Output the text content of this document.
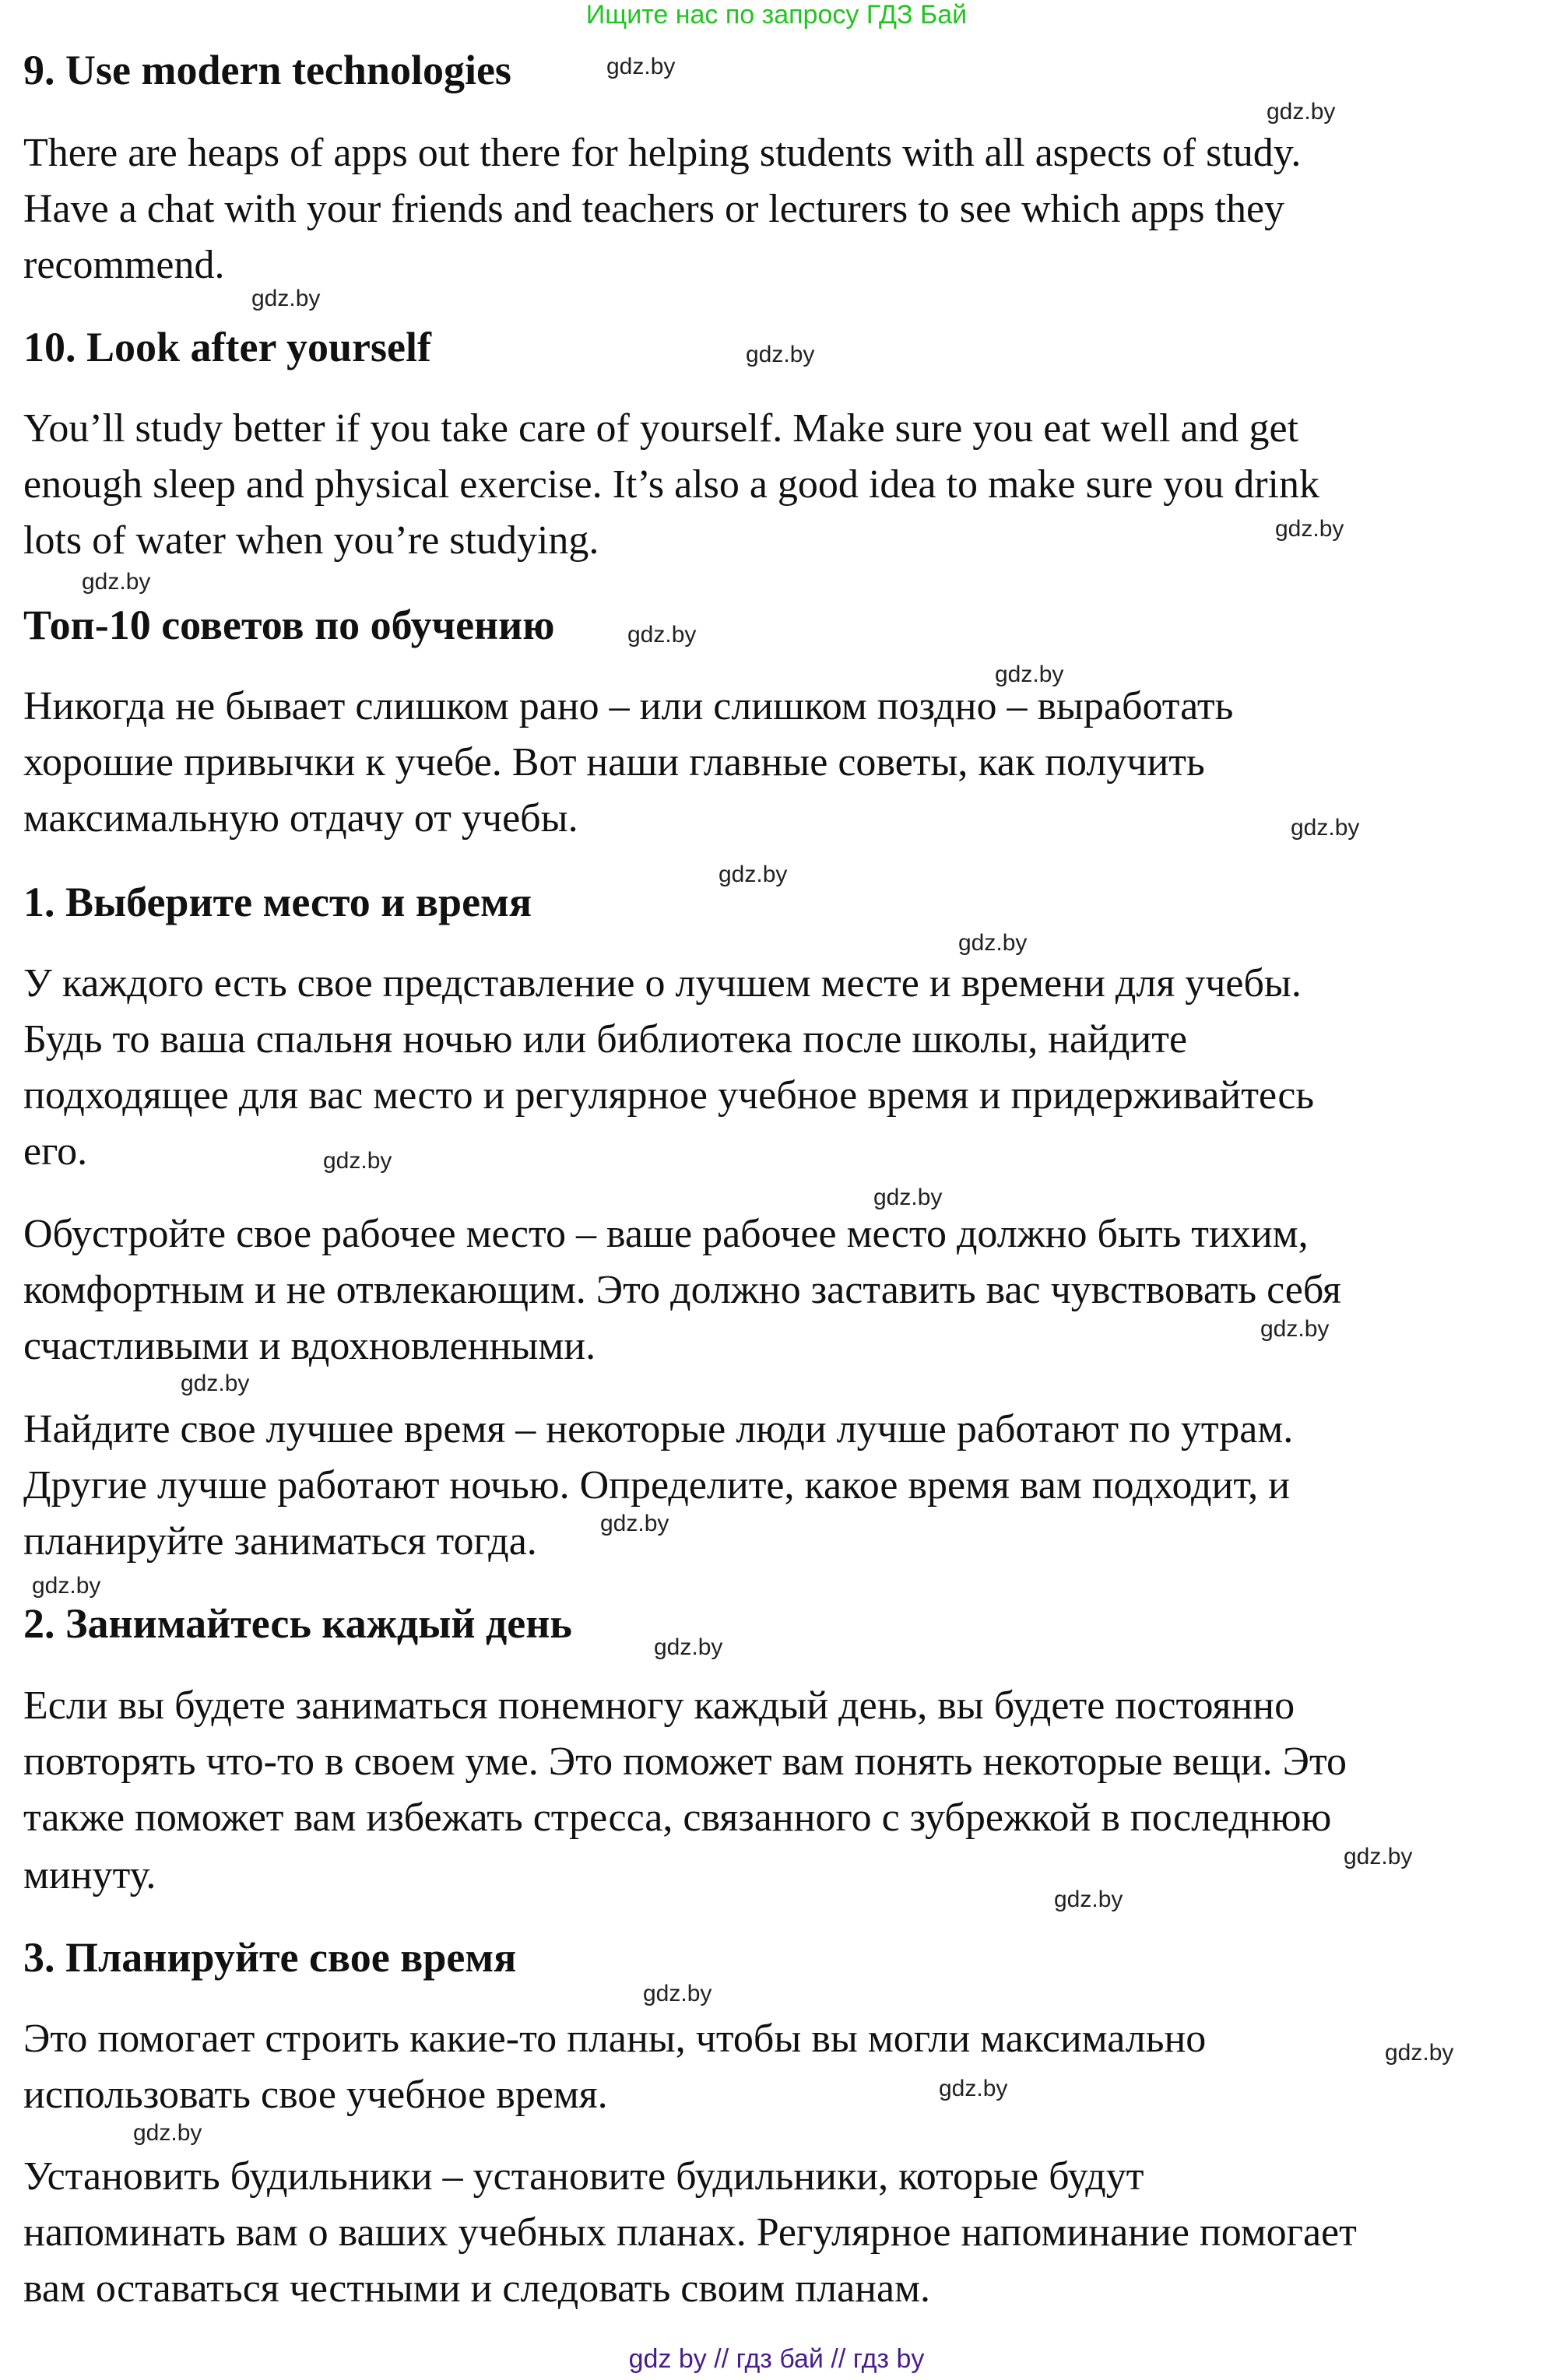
Ищите нас по запросу ГДЗ Бай
9. Use modern technologies
There are heaps of apps out there for helping students with all aspects of study.
Have a chat with your friends and teachers or lecturers to see which apps they
recommend.
10. Look after yourself
You’ll study better if you take care of yourself. Make sure you eat well and get
enough sleep and physical exercise. It’s also a good idea to make sure you drink
lots of water when you’re studying.
Топ-10 советов по обучению
Никогда не бывает слишком рано – или слишком поздно – выработать
хорошие привычки к учебе. Вот наши главные советы, как получить
максимальную отдачу от учебы.
1. Выберите место и время
У каждого есть свое представление о лучшем месте и времени для учебы.
Будь то ваша спальня ночью или библиотека после школы, найдите
подходящее для вас место и регулярное учебное время и придерживайтесь
его.
Обустройте свое рабочее место – ваше рабочее место должно быть тихим,
комфортным и не отвлекающим. Это должно заставить вас чувствовать себя
счастливыми и вдохновленными.
Найдите свое лучшее время – некоторые люди лучше работают по утрам.
Другие лучше работают ночью. Определите, какое время вам подходит, и
планируйте заниматься тогда.
2. Занимайтесь каждый день
Если вы будете заниматься понемногу каждый день, вы будете постоянно
повторять что-то в своем уме. Это поможет вам понять некоторые вещи. Это
также поможет вам избежать стресса, связанного с зубрежкой в последнюю
минуту.
3. Планируйте свое время
Это помогает строить какие-то планы, чтобы вы могли максимально
использовать свое учебное время.
Установить будильники – установите будильники, которые будут
напоминать вам о ваших учебных планах. Регулярное напоминание помогает
вам оставаться честными и следовать своим планам.
gdz.by
gdz.by
gdz.by
gdz.by
gdz.by
gdz.by
gdz.by
gdz.by
gdz.by
gdz.by
gdz.by
gdz.by
gdz.by
gdz.by
gdz.by
gdz.by
gdz.by
gdz.by
gdz.by
gdz.by
gdz.by
gdz.by
gdz.by
gdz.by
gdz by // гдз бай // гдз by
